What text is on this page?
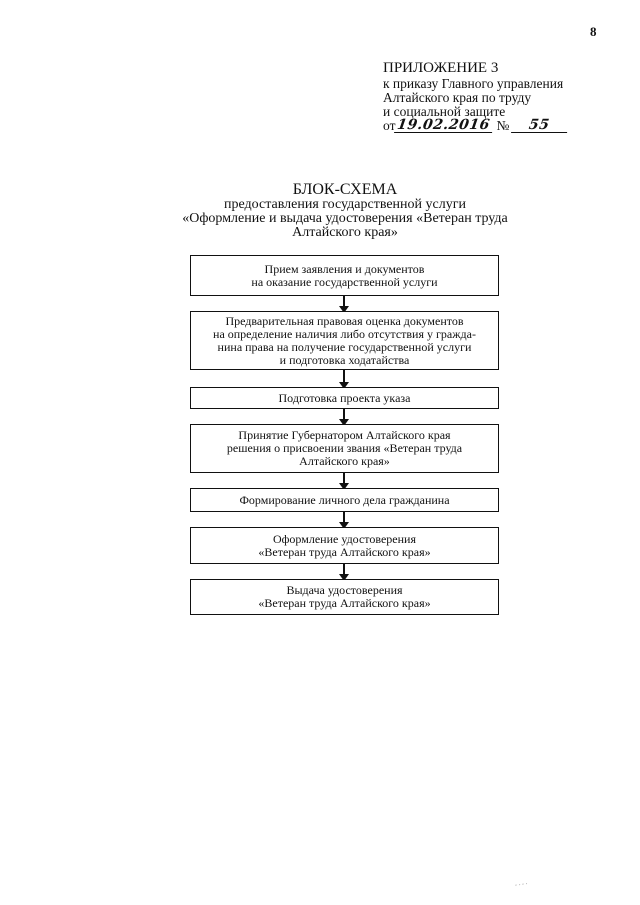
8
ПРИЛОЖЕНИЕ 3
к приказу Главного управления
Алтайского края по труду
и социальной защите
от 19.02.2016 №	55
БЛОК-СХЕМА
предоставления государственной услуги
«Оформление и выдача удостоверения «Ветеран труда
Алтайского края»
Прием заявления и документов
на оказание государственной услуги
Предварительная правовая оценка документов
на определение наличия либо отсутствия у гражда-
нина права на получение государственной услуги
и подготовка ходатайства
Подготовка проекта указа
Принятие Губернатором Алтайского края
решения о присвоении звания «Ветеран труда
Алтайского края»
Формирование личного дела гражданина
Оформление удостоверения
«Ветеран труда Алтайского края»
Выдача удостоверения
«Ветеран труда Алтайского края»
ᵕ·ᵕ·
